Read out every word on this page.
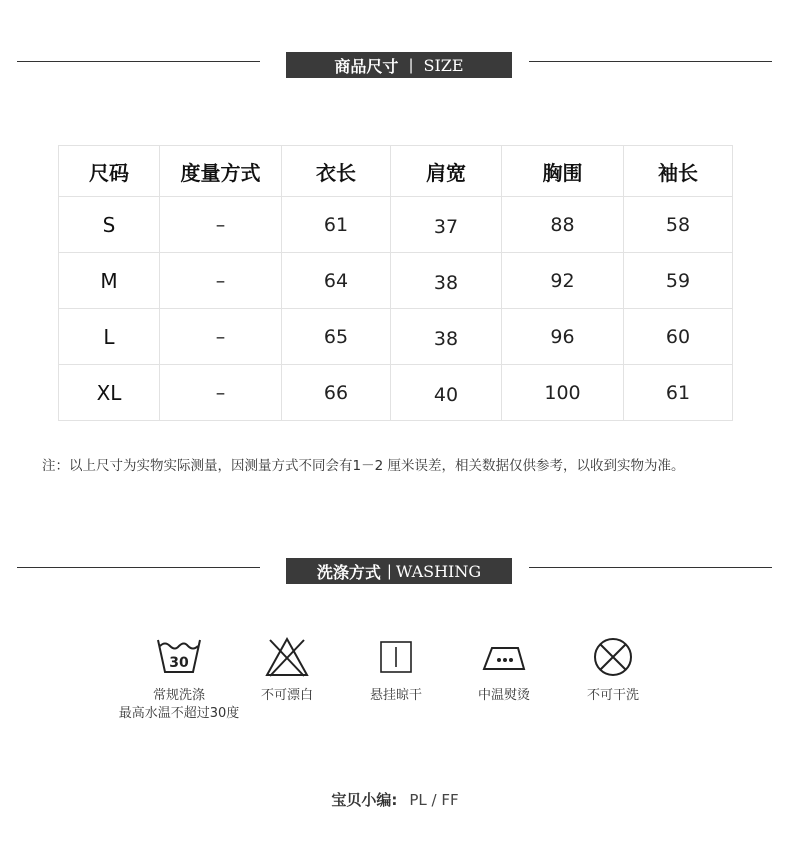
商品尺寸 | SIZE
尺码	度量方式	衣长	肩宽	胸围	袖长
S	–	61	37	88	58
M	–	64	38	92	59
L	–	65	38	96	60
XL	–	66	40	100	61
注：以上尺寸为实物实际测量，因测量方式不同会有1－2 厘米误差，相关数据仅供参考，以收到实物为准。
洗涤方式 | WASHING
30
常规洗涤
最高水温不超过30度
不可漂白	悬挂晾干	中温熨烫	不可干洗
宝贝小编: PL / FF
